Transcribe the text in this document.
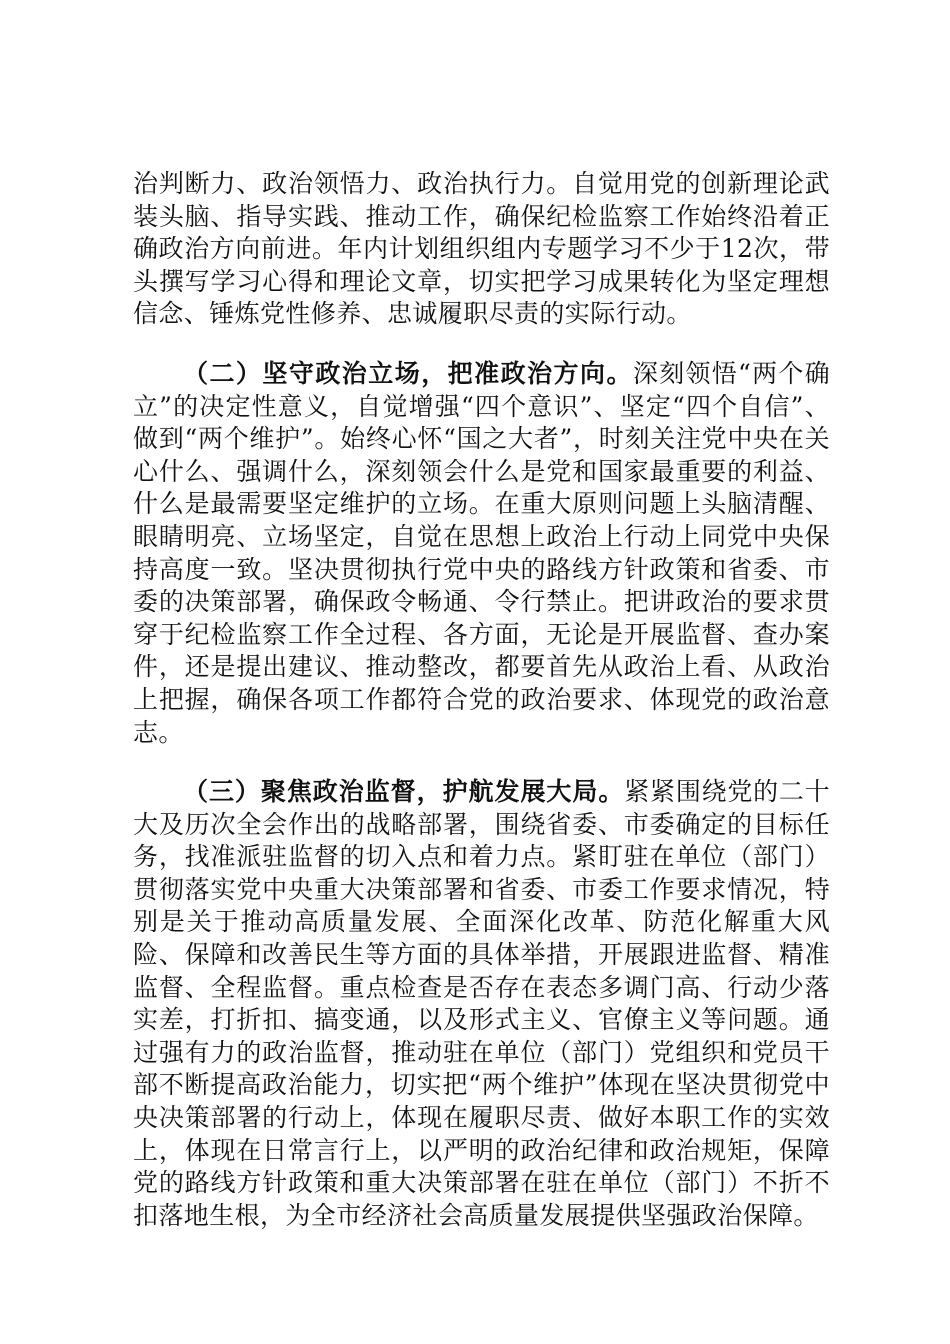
治判断力、政治领悟力、政治执行力。自觉用党的创新理论武装头脑、指导实践、推动工作，确保纪检监察工作始终沿着正确政治方向前进。年内计划组织组内专题学习不少于12次，带头撰写学习心得和理论文章，切实把学习成果转化为坚定理想信念、锤炼党性修养、忠诚履职尽责的实际行动。

（二）坚守政治立场，把准政治方向。深刻领悟“两个确立”的决定性意义，自觉增强“四个意识”、坚定“四个自信”、做到“两个维护”。始终心怀“国之大者”，时刻关注党中央在关心什么、强调什么，深刻领会什么是党和国家最重要的利益、什么是最需要坚定维护的立场。在重大原则问题上头脑清醒、眼睛明亮、立场坚定，自觉在思想上政治上行动上同党中央保持高度一致。坚决贯彻执行党中央的路线方针政策和省委、市委的决策部署，确保政令畅通、令行禁止。把讲政治的要求贯穿于纪检监察工作全过程、各方面，无论是开展监督、查办案件，还是提出建议、推动整改，都要首先从政治上看、从政治上把握，确保各项工作都符合党的政治要求、体现党的政治意志。

（三）聚焦政治监督，护航发展大局。紧紧围绕党的二十大及历次全会作出的战略部署，围绕省委、市委确定的目标任务，找准派驻监督的切入点和着力点。紧盯驻在单位（部门）贯彻落实党中央重大决策部署和省委、市委工作要求情况，特别是关于推动高质量发展、全面深化改革、防范化解重大风险、保障和改善民生等方面的具体举措，开展跟进监督、精准监督、全程监督。重点检查是否存在表态多调门高、行动少落实差，打折扣、搞变通，以及形式主义、官僚主义等问题。通过强有力的政治监督，推动驻在单位（部门）党组织和党员干部不断提高政治能力，切实把“两个维护”体现在坚决贯彻党中央决策部署的行动上，体现在履职尽责、做好本职工作的实效上，体现在日常言行上，以严明的政治纪律和政治规矩，保障党的路线方针政策和重大决策部署在驻在单位（部门）不折不扣落地生根，为全市经济社会高质量发展提供坚强政治保障。
